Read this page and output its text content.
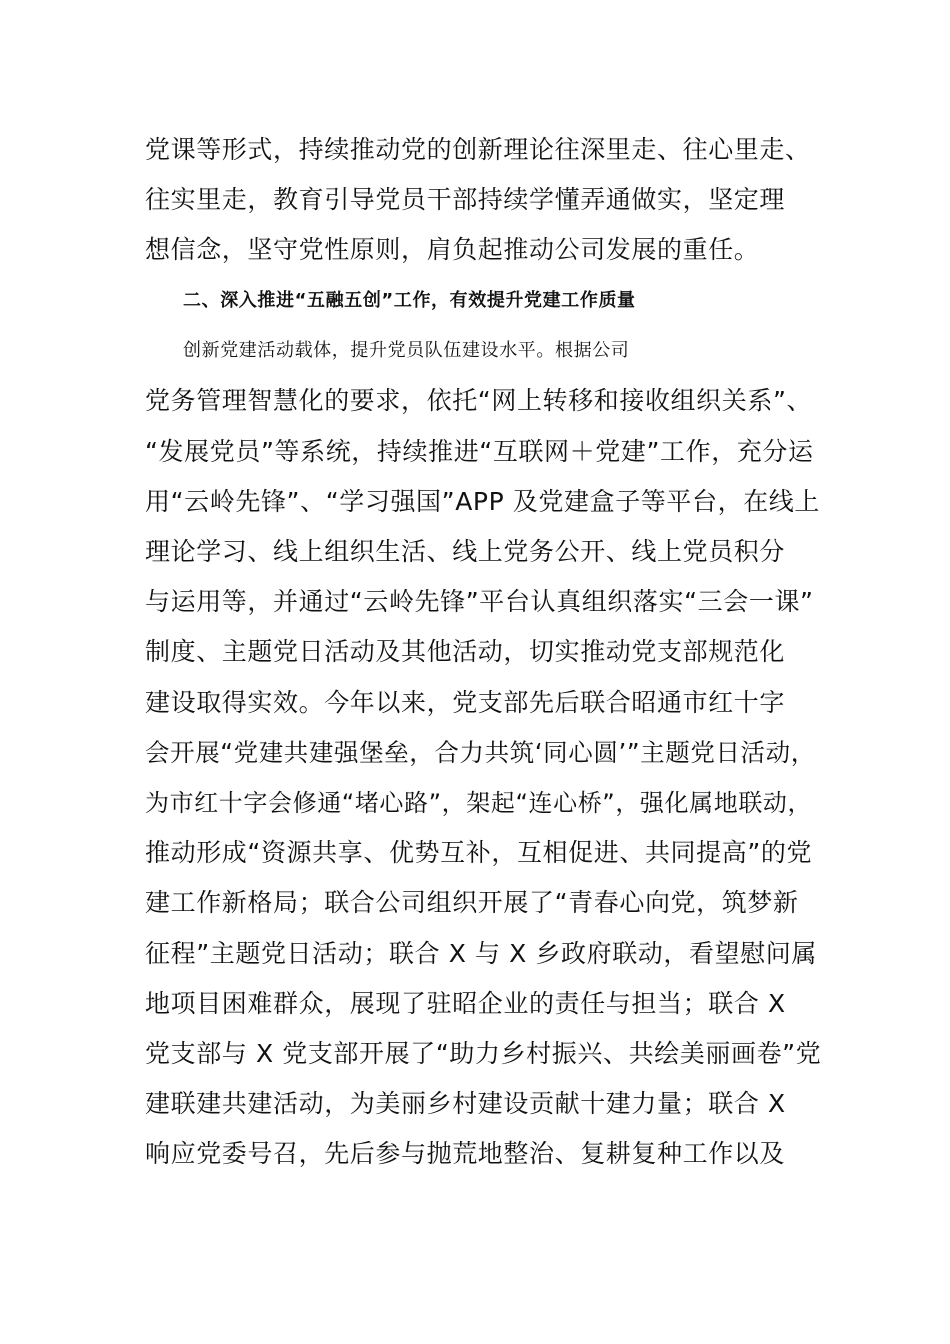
党课等形式，持续推动党的创新理论往深里走、往心里走、
往实里走，教育引导党员干部持续学懂弄通做实，坚定理
想信念，坚守党性原则，肩负起推动公司发展的重任。
二、深入推进“五融五创”工作，有效提升党建工作质量
创新党建活动载体，提升党员队伍建设水平。根据公司
党务管理智慧化的要求，依托“网上转移和接收组织关系”、
“发展党员”等系统，持续推进“互联网＋党建”工作，充分运
用“云岭先锋”、“学习强国”APP 及党建盒子等平台，在线上
理论学习、线上组织生活、线上党务公开、线上党员积分
与运用等，并通过“云岭先锋”平台认真组织落实“三会一课”
制度、主题党日活动及其他活动，切实推动党支部规范化
建设取得实效。今年以来，党支部先后联合昭通市红十字
会开展“党建共建强堡垒，合力共筑‘同心圆’”主题党日活动，
为市红十字会修通“堵心路”，架起“连心桥”，强化属地联动，
推动形成“资源共享、优势互补，互相促进、共同提高”的党
建工作新格局；联合公司组织开展了“青春心向党，筑梦新
征程”主题党日活动；联合 X 与 X 乡政府联动，看望慰问属
地项目困难群众，展现了驻昭企业的责任与担当；联合 X
党支部与 X 党支部开展了“助力乡村振兴、共绘美丽画卷”党
建联建共建活动，为美丽乡村建设贡献十建力量；联合 X
响应党委号召，先后参与抛荒地整治、复耕复种工作以及
